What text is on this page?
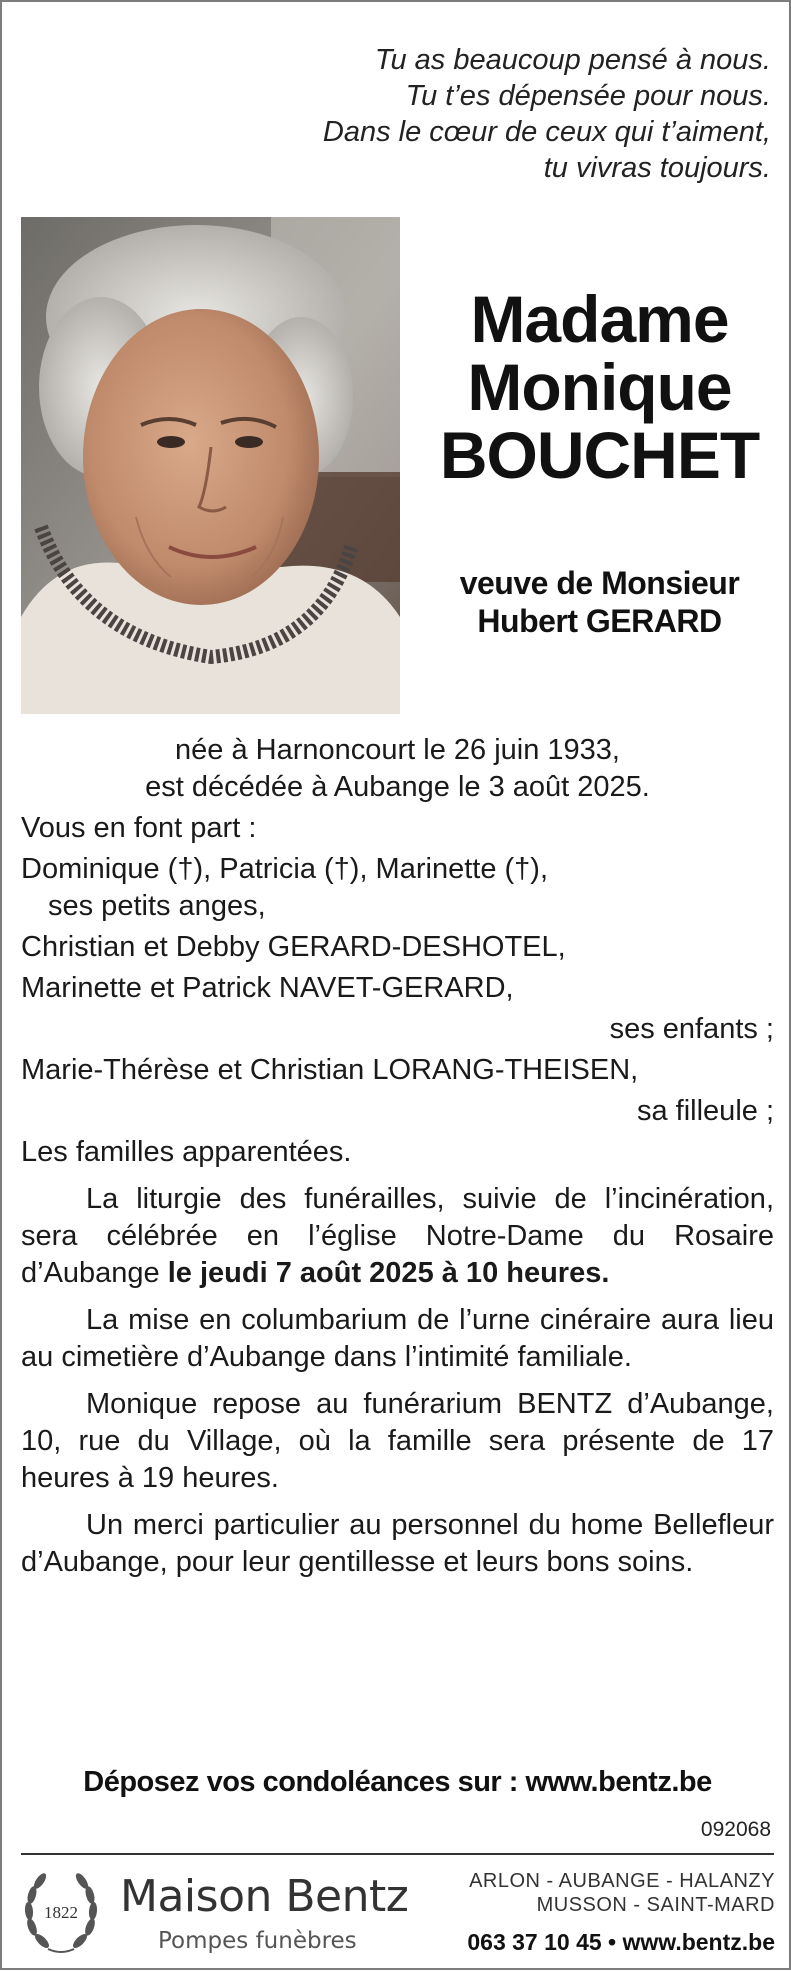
Tu as beaucoup pensé à nous.
Tu t’es dépensée pour nous.
Dans le cœur de ceux qui t’aiment,
tu vivras toujours.
Madame
Monique
BOUCHET
veuve de Monsieur
Hubert GERARD
née à Harnoncourt le 26 juin 1933,
est décédée à Aubange le 3 août 2025.
Vous en font part :
Dominique (†), Patricia (†), Marinette (†),
ses petits anges,
Christian et Debby GERARD-DESHOTEL,
Marinette et Patrick NAVET-GERARD,
ses enfants ;
Marie-Thérèse et Christian LORANG-THEISEN,
sa filleule ;
Les familles apparentées.

La liturgie des funérailles, suivie de l’incinération, sera célébrée en l’église Notre-Dame du Rosaire d’Aubange le jeudi 7 août 2025 à 10 heures.

La mise en columbarium de l’urne cinéraire aura lieu au cimetière d’Aubange dans l’intimité familiale.

Monique repose au funérarium BENTZ d’Aubange, 10, rue du Village, où la famille sera présente de 17 heures à 19 heures.

Un merci particulier au personnel du home Bellefleur d’Aubange, pour leur gentillesse et leurs bons soins.

Déposez vos condoléances sur : www.bentz.be
092068
1822 Maison Bentz
Pompes funèbres
ARLON - AUBANGE - HALANZY
MUSSON - SAINT-MARD
063 37 10 45 • www.bentz.be
